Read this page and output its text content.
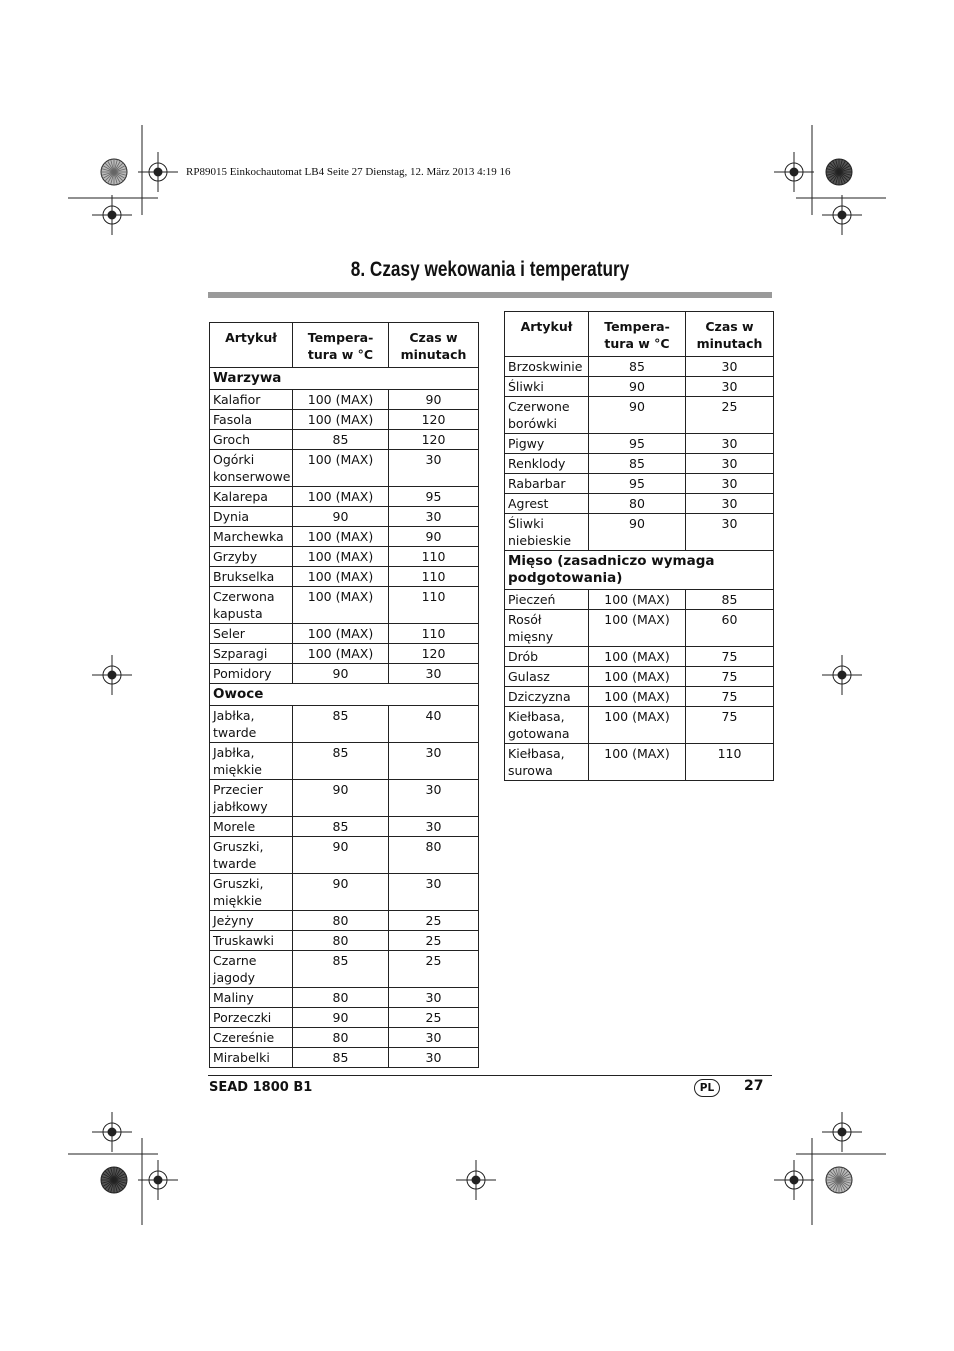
RP89015 Einkochautomat LB4 Seite 27 Dienstag, 12. März 2013 4:19 16
8. Czasy wekowania i temperatury
Artykuł	Tempera-tura w °C	Czas w minutach
Warzywa		
Kalafior	100 (MAX)	90
Fasola	100 (MAX)	120
Groch	85	120
Ogórki konserwowe	100 (MAX)	30
Kalarepa	100 (MAX)	95
Dynia	90	30
Marchewka	100 (MAX)	90
Grzyby	100 (MAX)	110
Brukselka	100 (MAX)	110
Czerwona kapusta	100 (MAX)	110
Seler	100 (MAX)	110
Szparagi	100 (MAX)	120
Pomidory	90	30
Owoce		
Jabłka, twarde	85	40
Jabłka, miękkie	85	30
Przecier jabłkowy	90	30
Morele	85	30
Gruszki, twarde	90	80
Gruszki, miękkie	90	30
Jeżyny	80	25
Truskawki	80	25
Czarne jagody	85	25
Maliny	80	30
Porzeczki	90	25
Czereśnie	80	30
Mirabelki	85	30
Artykuł	Tempera-tura w °C	Czas w minutach
Brzoskwinie	85	30
Śliwki	90	30
Czerwone borówki	90	25
Pigwy	95	30
Renklody	85	30
Rabarbar	95	30
Agrest	80	30
Śliwki niebieskie	90	30
Mięso (zasadniczo wymaga podgotowania)		
Pieczeń	100 (MAX)	85
Rosół mięsny	100 (MAX)	60
Drób	100 (MAX)	75
Gulasz	100 (MAX)	75
Dziczyzna	100 (MAX)	75
Kiełbasa, gotowana	100 (MAX)	75
Kiełbasa, surowa	100 (MAX)	110
SEAD 1800 B1	PL	27
